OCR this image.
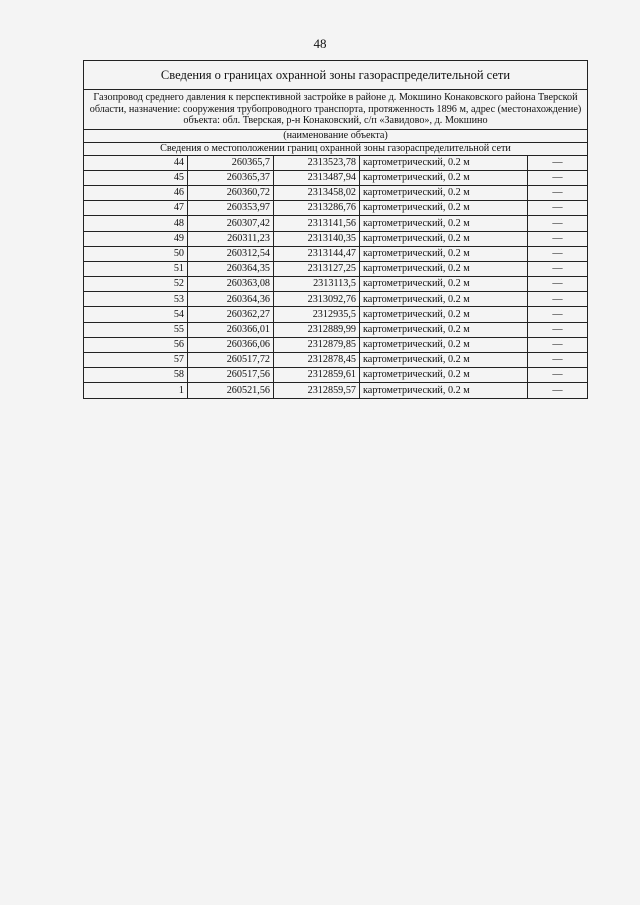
48
Сведения о границах охранной зоны газораспределительной сети				
Газопровод среднего давления к перспективной застройке в районе д. Мокшино Конаковского района Тверской области, назначение: сооружения трубопроводного транспорта, протяженность 1896 м, адрес (местонахождение) объекта: обл. Тверская, р-н Конаковский, с/п «Завидово», д. Мокшино				
(наименование объекта)				
Сведения о местоположении границ охранной зоны газораспределительной сети				
44	260365,7	2313523,78	картометрический, 0.2 м	—
45	260365,37	2313487,94	картометрический, 0.2 м	—
46	260360,72	2313458,02	картометрический, 0.2 м	—
47	260353,97	2313286,76	картометрический, 0.2 м	—
48	260307,42	2313141,56	картометрический, 0.2 м	—
49	260311,23	2313140,35	картометрический, 0.2 м	—
50	260312,54	2313144,47	картометрический, 0.2 м	—
51	260364,35	2313127,25	картометрический, 0.2 м	—
52	260363,08	2313113,5	картометрический, 0.2 м	—
53	260364,36	2313092,76	картометрический, 0.2 м	—
54	260362,27	2312935,5	картометрический, 0.2 м	—
55	260366,01	2312889,99	картометрический, 0.2 м	—
56	260366,06	2312879,85	картометрический, 0.2 м	—
57	260517,72	2312878,45	картометрический, 0.2 м	—
58	260517,56	2312859,61	картометрический, 0.2 м	—
1	260521,56	2312859,57	картометрический, 0.2 м	—
